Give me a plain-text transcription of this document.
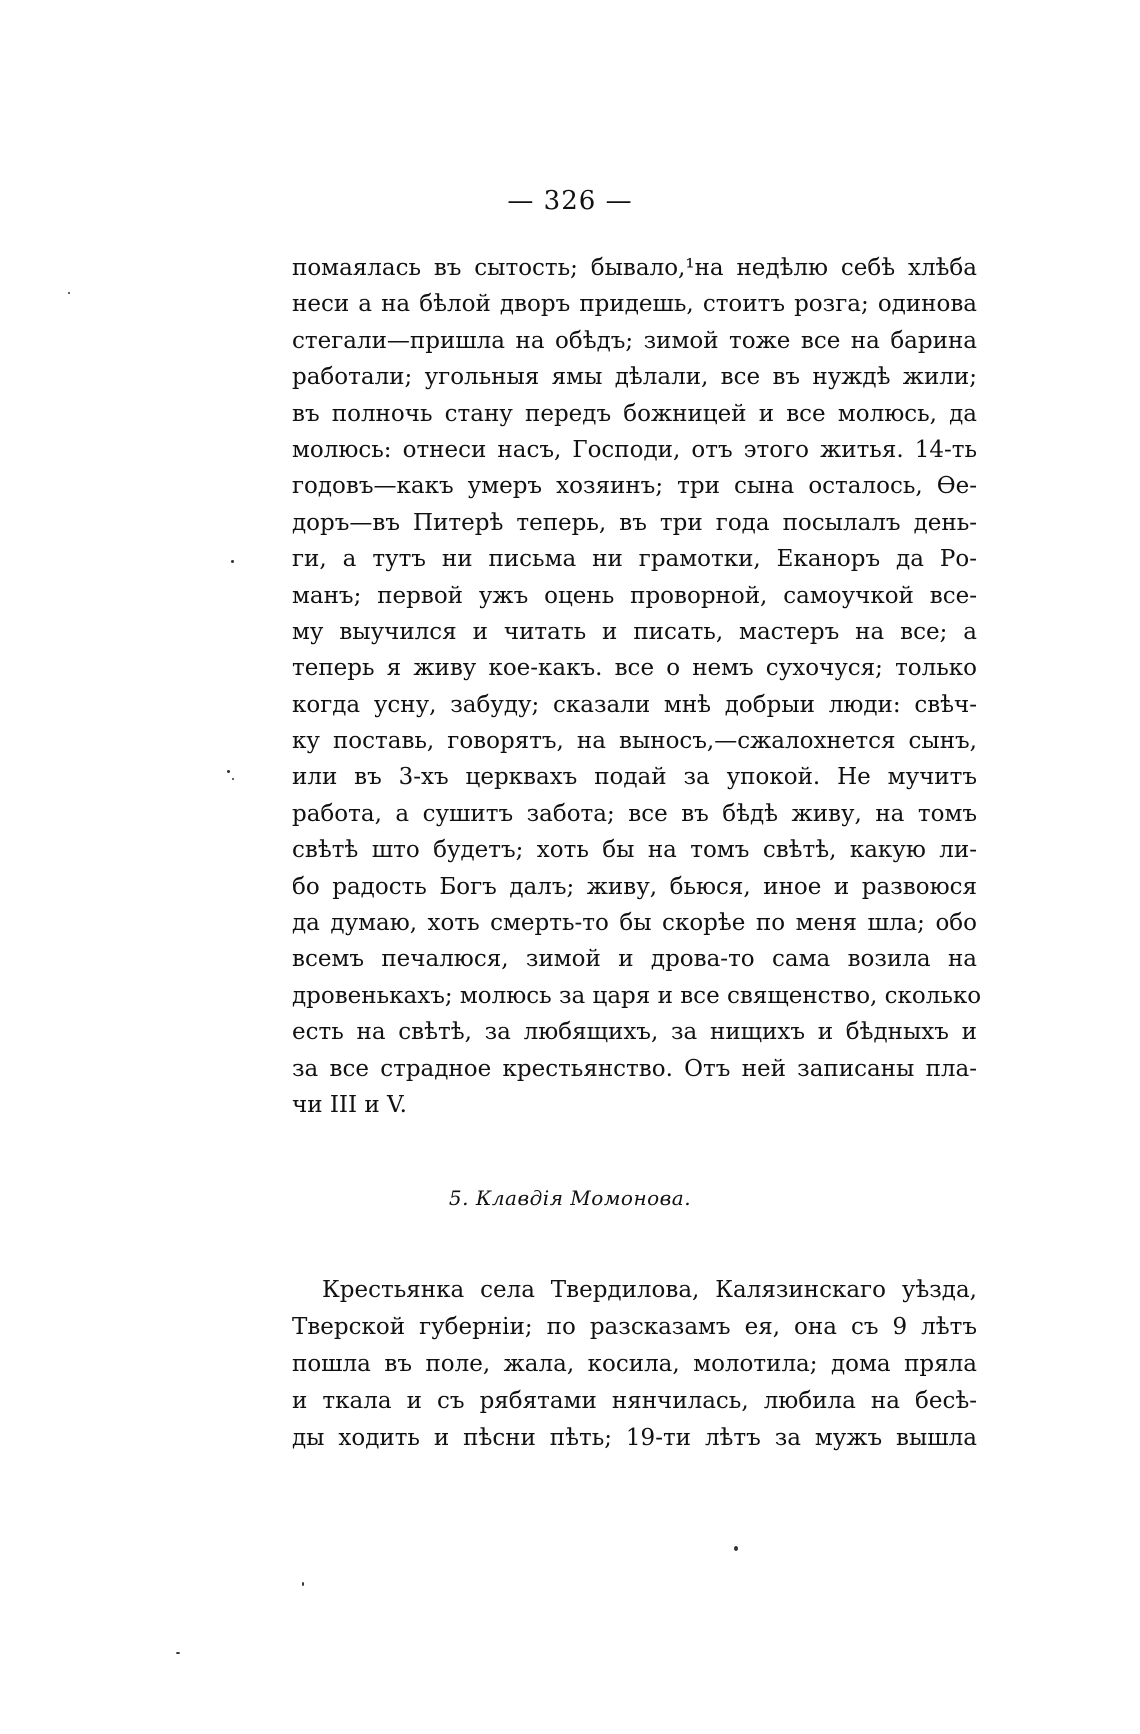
— 326 —
помаялась въ сытость; бывало,¹на недѣлю себѣ хлѣба
неси а на бѣлой дворъ придешь, стоитъ розга; одинова
стегали—пришла на обѣдъ; зимой тоже все на барина
работали; угольныя ямы дѣлали, все въ нуждѣ жили;
въ полночь стану передъ божницей и все молюсь, да
молюсь: отнеси насъ, Господи, отъ этого житья. 14-ть
годовъ—какъ умеръ хозяинъ; три сына осталось, Ѳе-
доръ—въ Питерѣ теперь, въ три года посылалъ день-
ги, а тутъ ни письма ни грамотки, Еканоръ да Ро-
манъ; первой ужъ оцень проворной, самоучкой все-
му выучился и читать и писать, мастеръ на все; а
теперь я живу кое-какъ. все о немъ сухочуся; только
когда усну, забуду; сказали мнѣ добрыи люди: свѣч-
ку поставь, говорятъ, на выносъ,—сжалохнется сынъ,
или въ 3-хъ церквахъ подай за упокой. Не мучитъ
работа, а сушитъ забота; все въ бѣдѣ живу, на томъ
свѣтѣ што будетъ; хоть бы на томъ свѣтѣ, какую ли-
бо радость Богъ далъ; живу, бьюся, иное и развоюся
да думаю, хоть смерть-то бы скорѣе по меня шла; обо
всемъ печалюся, зимой и дрова-то сама возила на
дровенькахъ; молюсь за царя и все священство, сколько
есть на свѣтѣ, за любящихъ, за нищихъ и бѣдныхъ и
за все страдное крестьянство. Отъ ней записаны пла-
чи III и V.
5. Клавдія Момонова.
Крестьянка села Твердилова, Калязинскаго уѣзда,
Тверской губерніи; по разсказамъ ея, она съ 9 лѣтъ
пошла въ поле, жала, косила, молотила; дома пряла
и ткала и съ рябятами нянчилась, любила на бесѣ-
ды ходить и пѣсни пѣть; 19-ти лѣтъ за мужъ вышла
